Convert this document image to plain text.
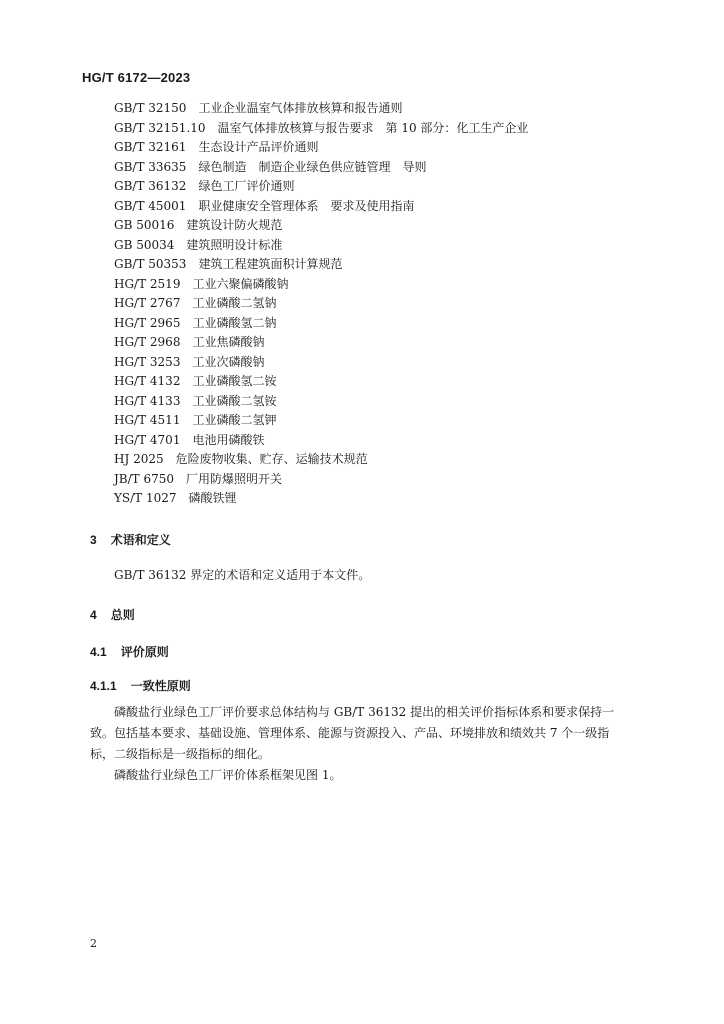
HG/T 6172—2023
GB/T 32150 工业企业温室气体排放核算和报告通则
GB/T 32151.10 温室气体排放核算与报告要求　第 10 部分：化工生产企业
GB/T 32161 生态设计产品评价通则
GB/T 33635 绿色制造　制造企业绿色供应链管理　导则
GB/T 36132 绿色工厂评价通则
GB/T 45001 职业健康安全管理体系　要求及使用指南
GB 50016 建筑设计防火规范
GB 50034 建筑照明设计标准
GB/T 50353 建筑工程建筑面积计算规范
HG/T 2519 工业六聚偏磷酸钠
HG/T 2767 工业磷酸二氢钠
HG/T 2965 工业磷酸氢二钠
HG/T 2968 工业焦磷酸钠
HG/T 3253 工业次磷酸钠
HG/T 4132 工业磷酸氢二铵
HG/T 4133 工业磷酸二氢铵
HG/T 4511 工业磷酸二氢钾
HG/T 4701 电池用磷酸铁
HJ 2025 危险废物收集、贮存、运输技术规范
JB/T 6750 厂用防爆照明开关
YS/T 1027 磷酸铁锂
3 术语和定义
GB/T 36132 界定的术语和定义适用于本文件。
4 总则
4.1 评价原则
4.1.1 一致性原则
磷酸盐行业绿色工厂评价要求总体结构与 GB/T 36132 提出的相关评价指标体系和要求保持一
致。包括基本要求、基础设施、管理体系、能源与资源投入、产品、环境排放和绩效共 7 个一级指
标，二级指标是一级指标的细化。
磷酸盐行业绿色工厂评价体系框架见图 1。
2
